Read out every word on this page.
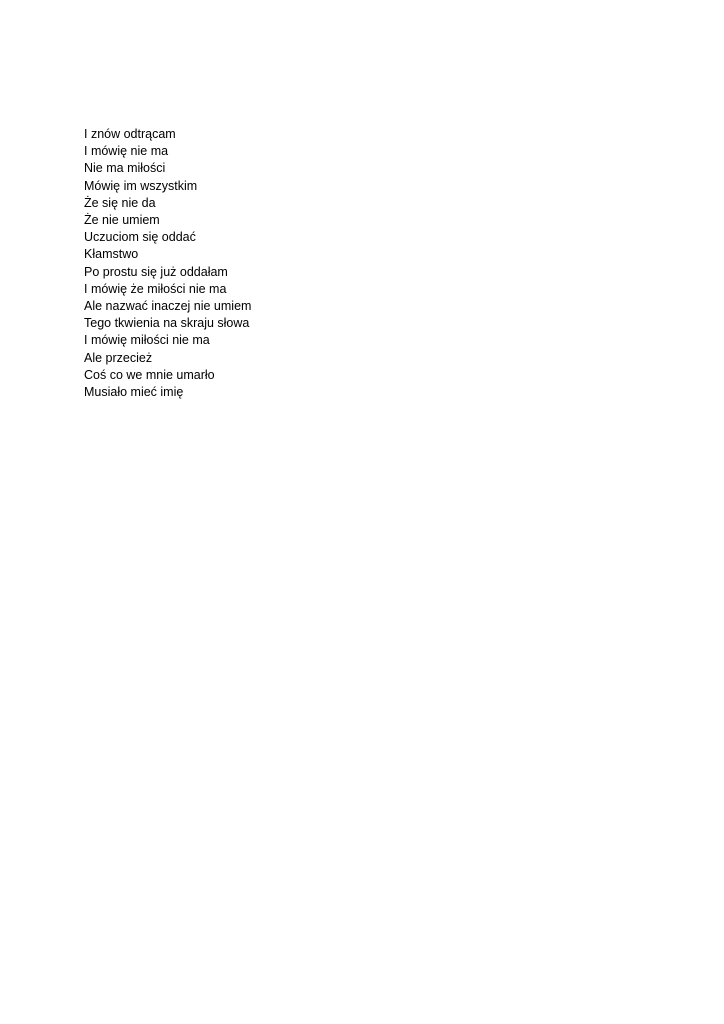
I znów odtrącam
I mówię nie ma
Nie ma miłości
Mówię im wszystkim
Że się nie da
Że nie umiem
Uczuciom się oddać
Kłamstwo
Po prostu się już oddałam
I mówię że miłości nie ma
Ale nazwać inaczej nie umiem
Tego tkwienia na skraju słowa
I mówię miłości nie ma
Ale przecież
Coś co we mnie umarło
Musiało mieć imię
